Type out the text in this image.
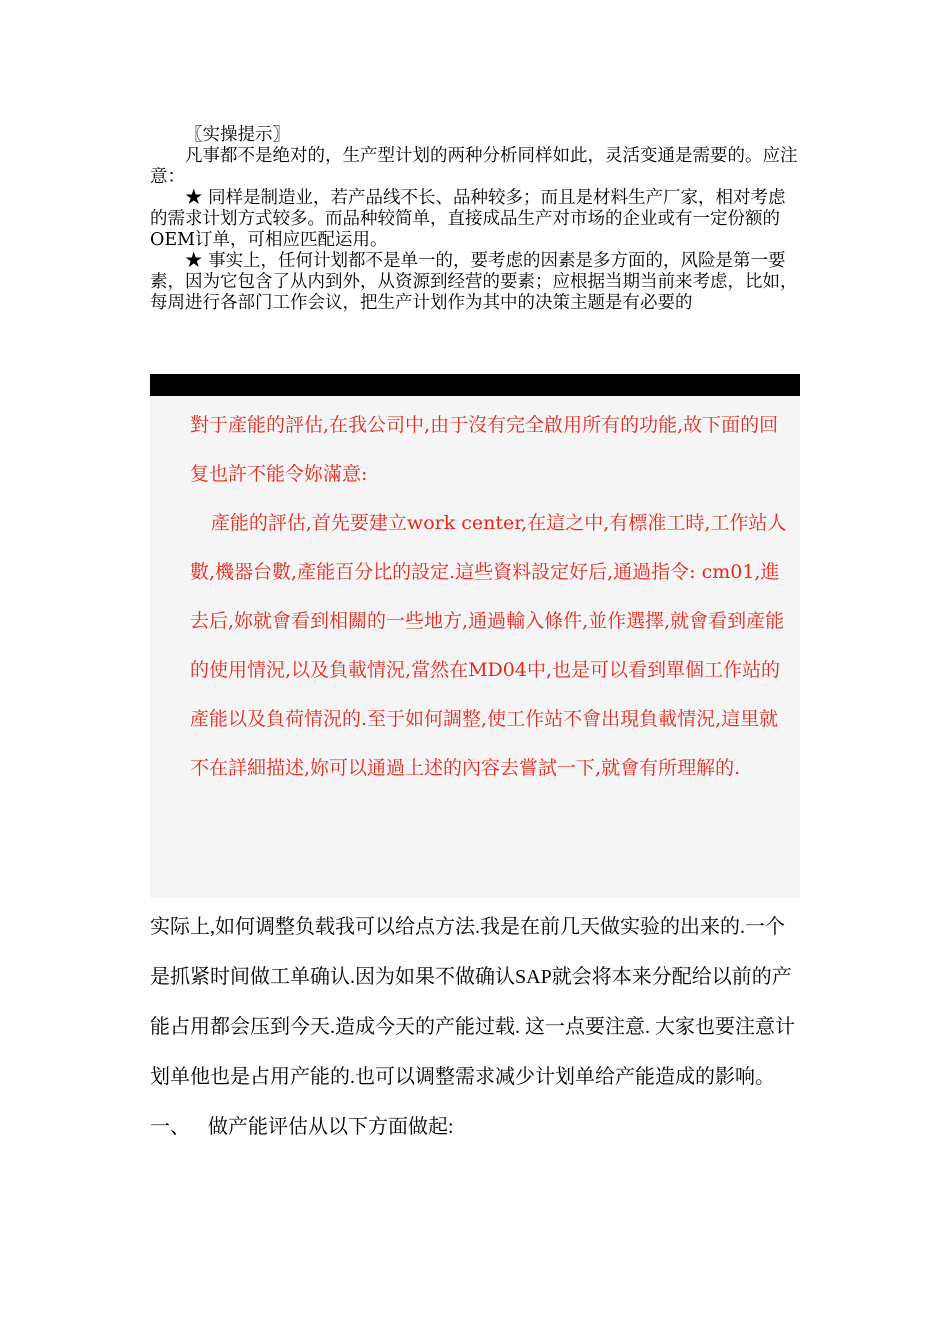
〖实操提示〗

凡事都不是绝对的，生产型计划的两种分析同样如此，灵活变通是需要的。应注意：

★ 同样是制造业，若产品线不长、品种较多；而且是材料生产厂家，相对考虑的需求计划方式较多。而品种较简单，直接成品生产对市场的企业或有一定份额的OEM订单，可相应匹配运用。

★ 事实上，任何计划都不是单一的，要考虑的因素是多方面的，风险是第一要素，因为它包含了从内到外，从资源到经营的要素；应根据当期当前来考虑，比如，每周进行各部门工作会议，把生产计划作为其中的决策主题是有必要的

對于產能的評估,在我公司中,由于沒有完全啟用所有的功能,故下面的回复也許不能令妳滿意:

產能的評估,首先要建立work center,在這之中,有標准工時,工作站人數,機器台數,產能百分比的設定.這些資料設定好后,通過指令: cm01,進去后,妳就會看到相關的一些地方,通過輸入條件,並作選擇,就會看到產能的使用情況,以及負載情況,當然在MD04中,也是可以看到單個工作站的產能以及負荷情況的.至于如何調整,使工作站不會出現負載情況,這里就不在詳細描述,妳可以通過上述的內容去嘗試一下,就會有所理解的.

实际上,如何调整负载我可以给点方法.我是在前几天做实验的出来的.一个是抓紧时间做工单确认.因为如果不做确认SAP就会将本来分配给以前的产能占用都会压到今天.造成今天的产能过载. 这一点要注意. 大家也要注意计划单他也是占用产能的.也可以调整需求减少计划单给产能造成的影响。

一、 做产能评估从以下方面做起:
